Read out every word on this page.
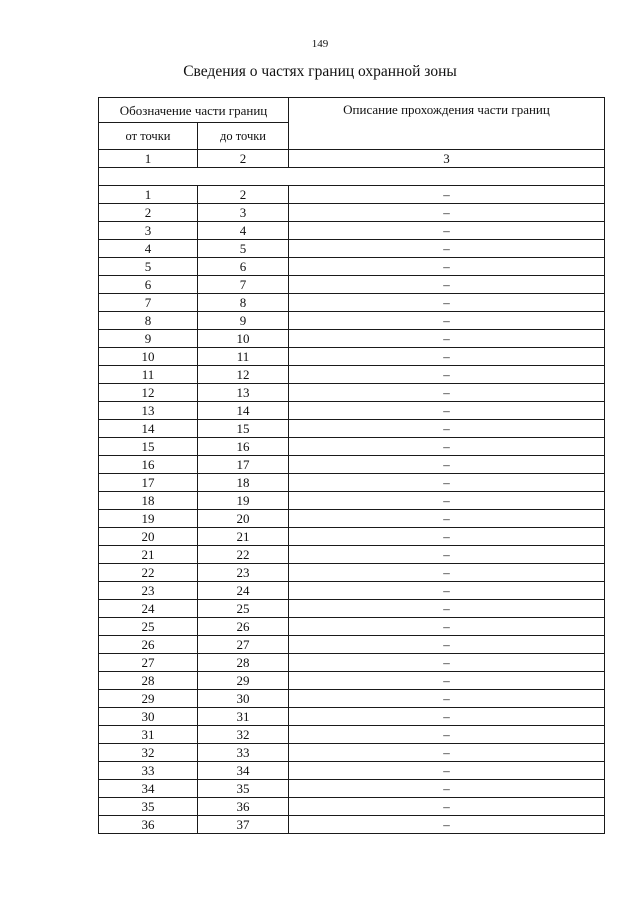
149
Сведения о частях границ охранной зоны
Обозначение части границ		Описание прохождения части границ
от точки	до точки	
1	2	3

1	2	–
2	3	–
3	4	–
4	5	–
5	6	–
6	7	–
7	8	–
8	9	–
9	10	–
10	11	–
11	12	–
12	13	–
13	14	–
14	15	–
15	16	–
16	17	–
17	18	–
18	19	–
19	20	–
20	21	–
21	22	–
22	23	–
23	24	–
24	25	–
25	26	–
26	27	–
27	28	–
28	29	–
29	30	–
30	31	–
31	32	–
32	33	–
33	34	–
34	35	–
35	36	–
36	37	–
